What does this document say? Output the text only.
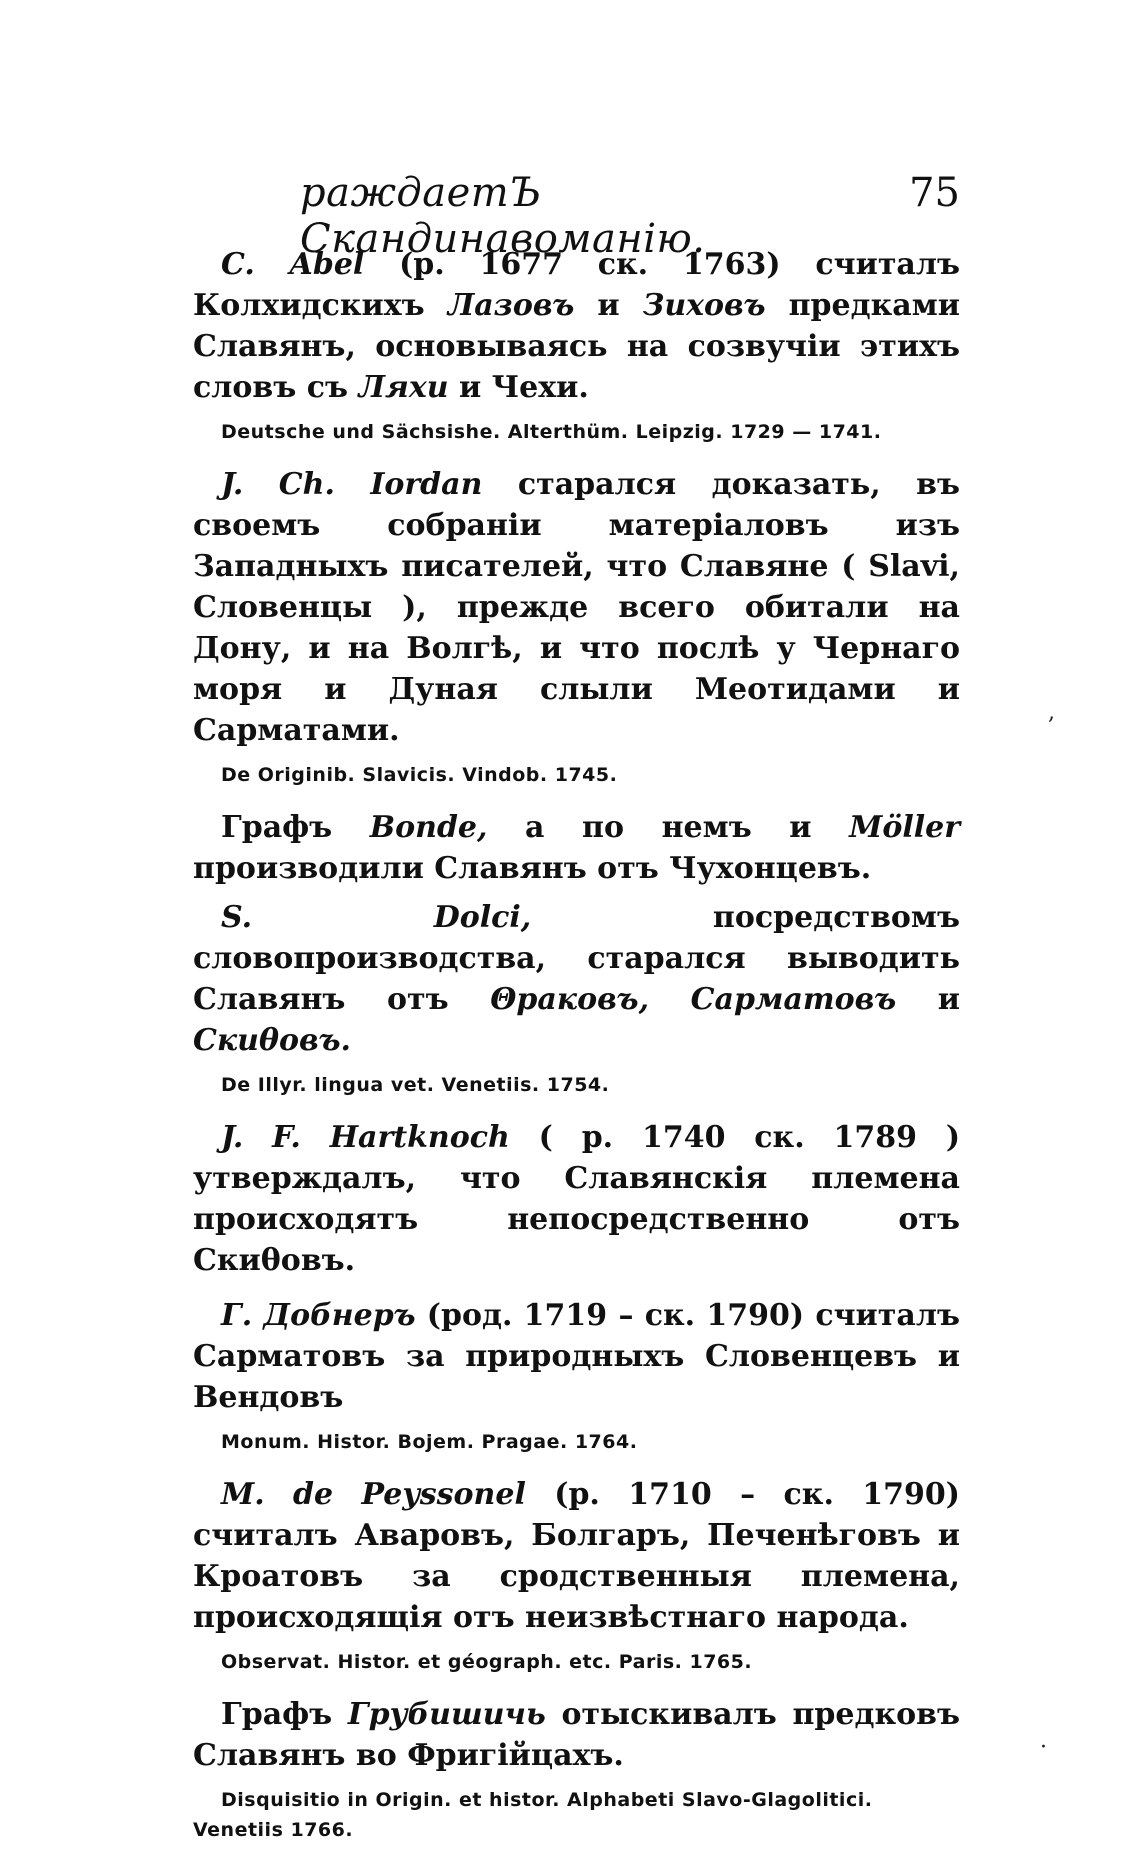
раждаетЪ Скандинавоманію.
75

C. Abel (р. 1677 ск. 1763) считалъ Колхидскихъ Лазовъ и Зиховъ предками Славянъ, основываясь на созвучіи этихъ словъ съ Ляхи и Чехи.

Deutsche und Sächsishe. Alterthüm. Leipzig. 1729 — 1741.

J. Ch. Iordan старался доказать, въ своемъ собраніи матеріаловъ изъ Западныхъ писателей, что Славяне ( Slavi, Словенцы ), прежде всего обитали на Дону, и на Волгѣ, и что послѣ у Чернаго моря и Дуная слыли Меотидами и Сарматами.

De Originib. Slavicis. Vindob. 1745.

Графъ Bonde, а по немъ и Möller производили Славянъ отъ Чухонцевъ.

S. Dolci, посредствомъ словопроизводства, старался выводить Славянъ отъ Θраковъ, Сарматовъ и Скиθовъ.

De Illyr. lingua vet. Venetiis. 1754.

J. F. Hartknoch ( р. 1740 ск. 1789 ) утверждалъ, что Славянскія племена происходятъ непосредственно отъ Скиθовъ.

Г. Добнеръ (род. 1719 – ск. 1790) считалъ Сарматовъ за природныхъ Словенцевъ и Вендовъ

Monum. Histor. Bojem. Pragae. 1764.

M. de Peyssonel (р. 1710 – ск. 1790) считалъ Аваровъ, Болгаръ, Печенѣговъ и Кроатовъ за сродственныя племена, происходящія отъ неизвѣстнаго народа.

Observat. Histor. et géograph. etc. Paris. 1765.

Графъ Грубишичь отыскивалъ предковъ Славянъ во Фригійцахъ.

Disquisitio in Origin. et histor. Alphabeti Slavo-Glagolitici. Venetiis 1766.
,
·
